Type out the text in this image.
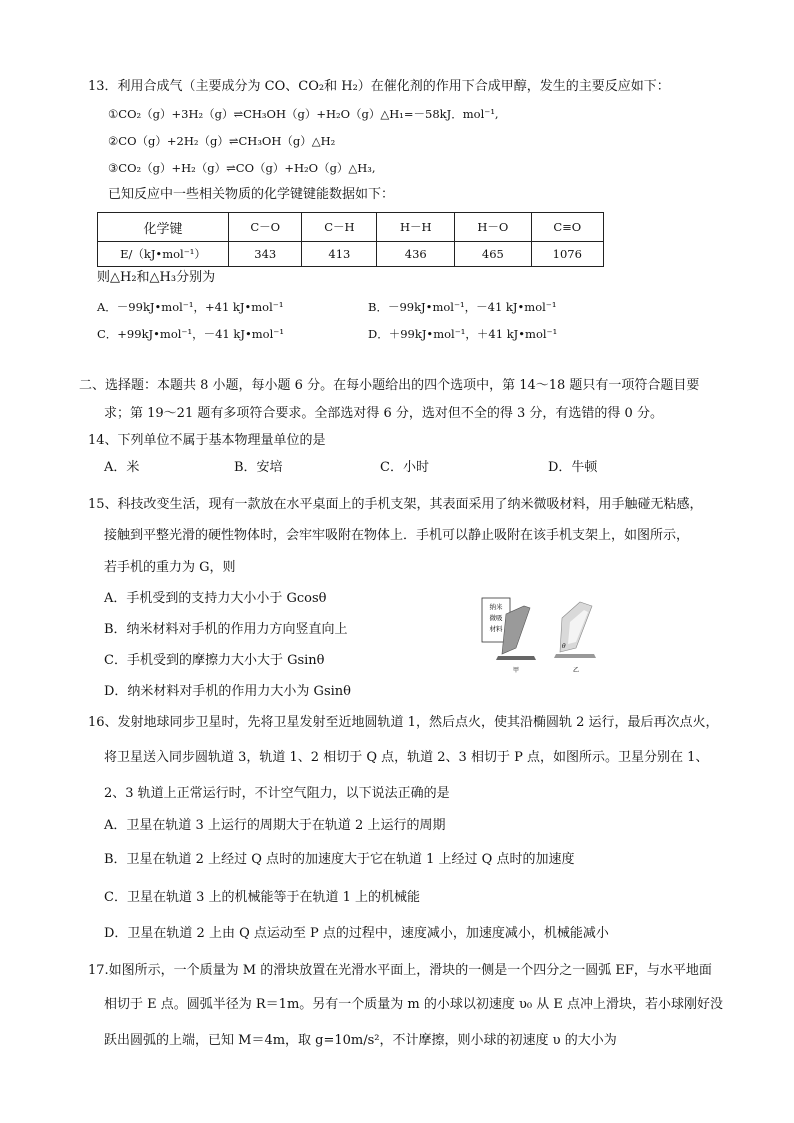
13．利用合成气（主要成分为 CO、CO₂和 H₂）在催化剂的作用下合成甲醇，发生的主要反应如下：
①CO₂（g）+3H₂（g）⇌CH₃OH（g）+H₂O（g）△H₁=－58kJ．mol⁻¹,
②CO（g）+2H₂（g）⇌CH₃OH（g）△H₂
③CO₂（g）+H₂（g）⇌CO（g）+H₂O（g）△H₃,
已知反应中一些相关物质的化学键键能数据如下：
化学键	C－O	C－H	H－H	H－O	C≡O
E/（kJ•mol⁻¹）	343	413	436	465	1076
则△H₂和△H₃分别为
A．－99kJ•mol⁻¹，+41 kJ•mol⁻¹	B．－99kJ•mol⁻¹，－41 kJ•mol⁻¹
C．+99kJ•mol⁻¹，－41 kJ•mol⁻¹	D．＋99kJ•mol⁻¹，＋41 kJ•mol⁻¹
二、选择题：本题共 8 小题，每小题 6 分。在每小题给出的四个选项中，第 14～18 题只有一项符合题目要
求；第 19～21 题有多项符合要求。全部选对得 6 分，选对但不全的得 3 分，有选错的得 0 分。
14、下列单位不属于基本物理量单位的是
A．米	B．安培	C．小时	D．牛顿
15、科技改变生活，现有一款放在水平桌面上的手机支架，其表面采用了纳米微吸材料，用手触碰无粘感，
接触到平整光滑的硬性物体时，会牢牢吸附在物体上．手机可以静止吸附在该手机支架上，如图所示，
若手机的重力为 G，则
A．手机受到的支持力大小小于 Gcosθ
B．纳米材料对手机的作用力方向竖直向上
C．手机受到的摩擦力大小大于 Gsinθ
D．纳米材料对手机的作用力大小为 Gsinθ
纳米
微吸
材料
甲
θ
乙
16、发射地球同步卫星时，先将卫星发射至近地圆轨道 1，然后点火，使其沿椭圆轨 2 运行，最后再次点火，
将卫星送入同步圆轨道 3，轨道 1、2 相切于 Q 点，轨道 2、3 相切于 P 点，如图所示。卫星分别在 1、
2、3 轨道上正常运行时，不计空气阻力，以下说法正确的是
A．卫星在轨道 3 上运行的周期大于在轨道 2 上运行的周期
B．卫星在轨道 2 上经过 Q 点时的加速度大于它在轨道 1 上经过 Q 点时的加速度
C．卫星在轨道 3 上的机械能等于在轨道 1 上的机械能
D．卫星在轨道 2 上由 Q 点运动至 P 点的过程中，速度减小，加速度减小，机械能减小
17.如图所示，一个质量为 M 的滑块放置在光滑水平面上，滑块的一侧是一个四分之一圆弧 EF，与水平地面
相切于 E 点。圆弧半径为 R＝1m。另有一个质量为 m 的小球以初速度 υ₀ 从 E 点冲上滑块，若小球刚好没
跃出圆弧的上端，已知 M＝4m，取 g=10m/s²，不计摩擦，则小球的初速度 υ 的大小为
